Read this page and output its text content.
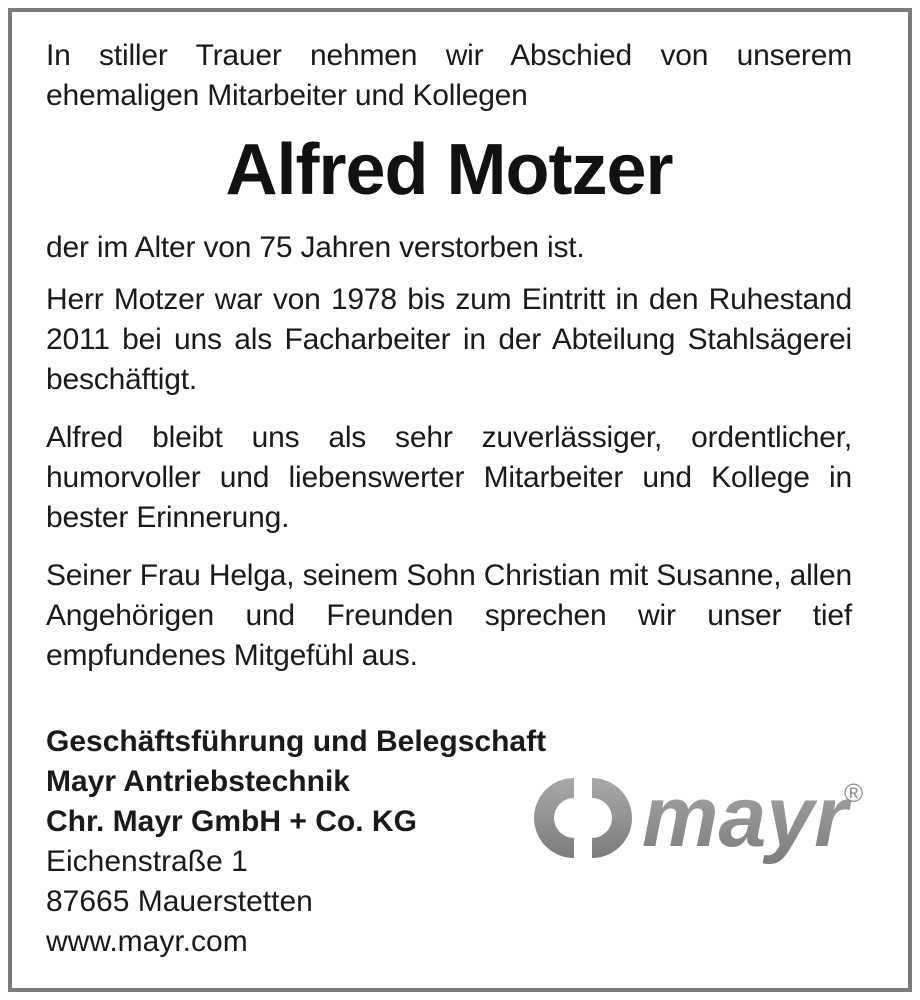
In stiller Trauer nehmen wir Abschied von unserem ehemaligen Mitarbeiter und Kollegen

Alfred Motzer

der im Alter von 75 Jahren verstorben ist.

Herr Motzer war von 1978 bis zum Eintritt in den Ruhestand 2011 bei uns als Facharbeiter in der Abteilung Stahlsägerei beschäftigt.

Alfred bleibt uns als sehr zuverlässiger, ordentlicher, humorvoller und liebenswerter Mitarbeiter und Kollege in bester Erinnerung.

Seiner Frau Helga, seinem Sohn Christian mit Susanne, allen Angehörigen und Freunden sprechen wir unser tief empfundenes Mitgefühl aus.

Geschäftsführung und Belegschaft
Mayr Antriebstechnik
Chr. Mayr GmbH + Co. KG
Eichenstraße 1
87665 Mauerstetten
www.mayr.com
mayr
®
